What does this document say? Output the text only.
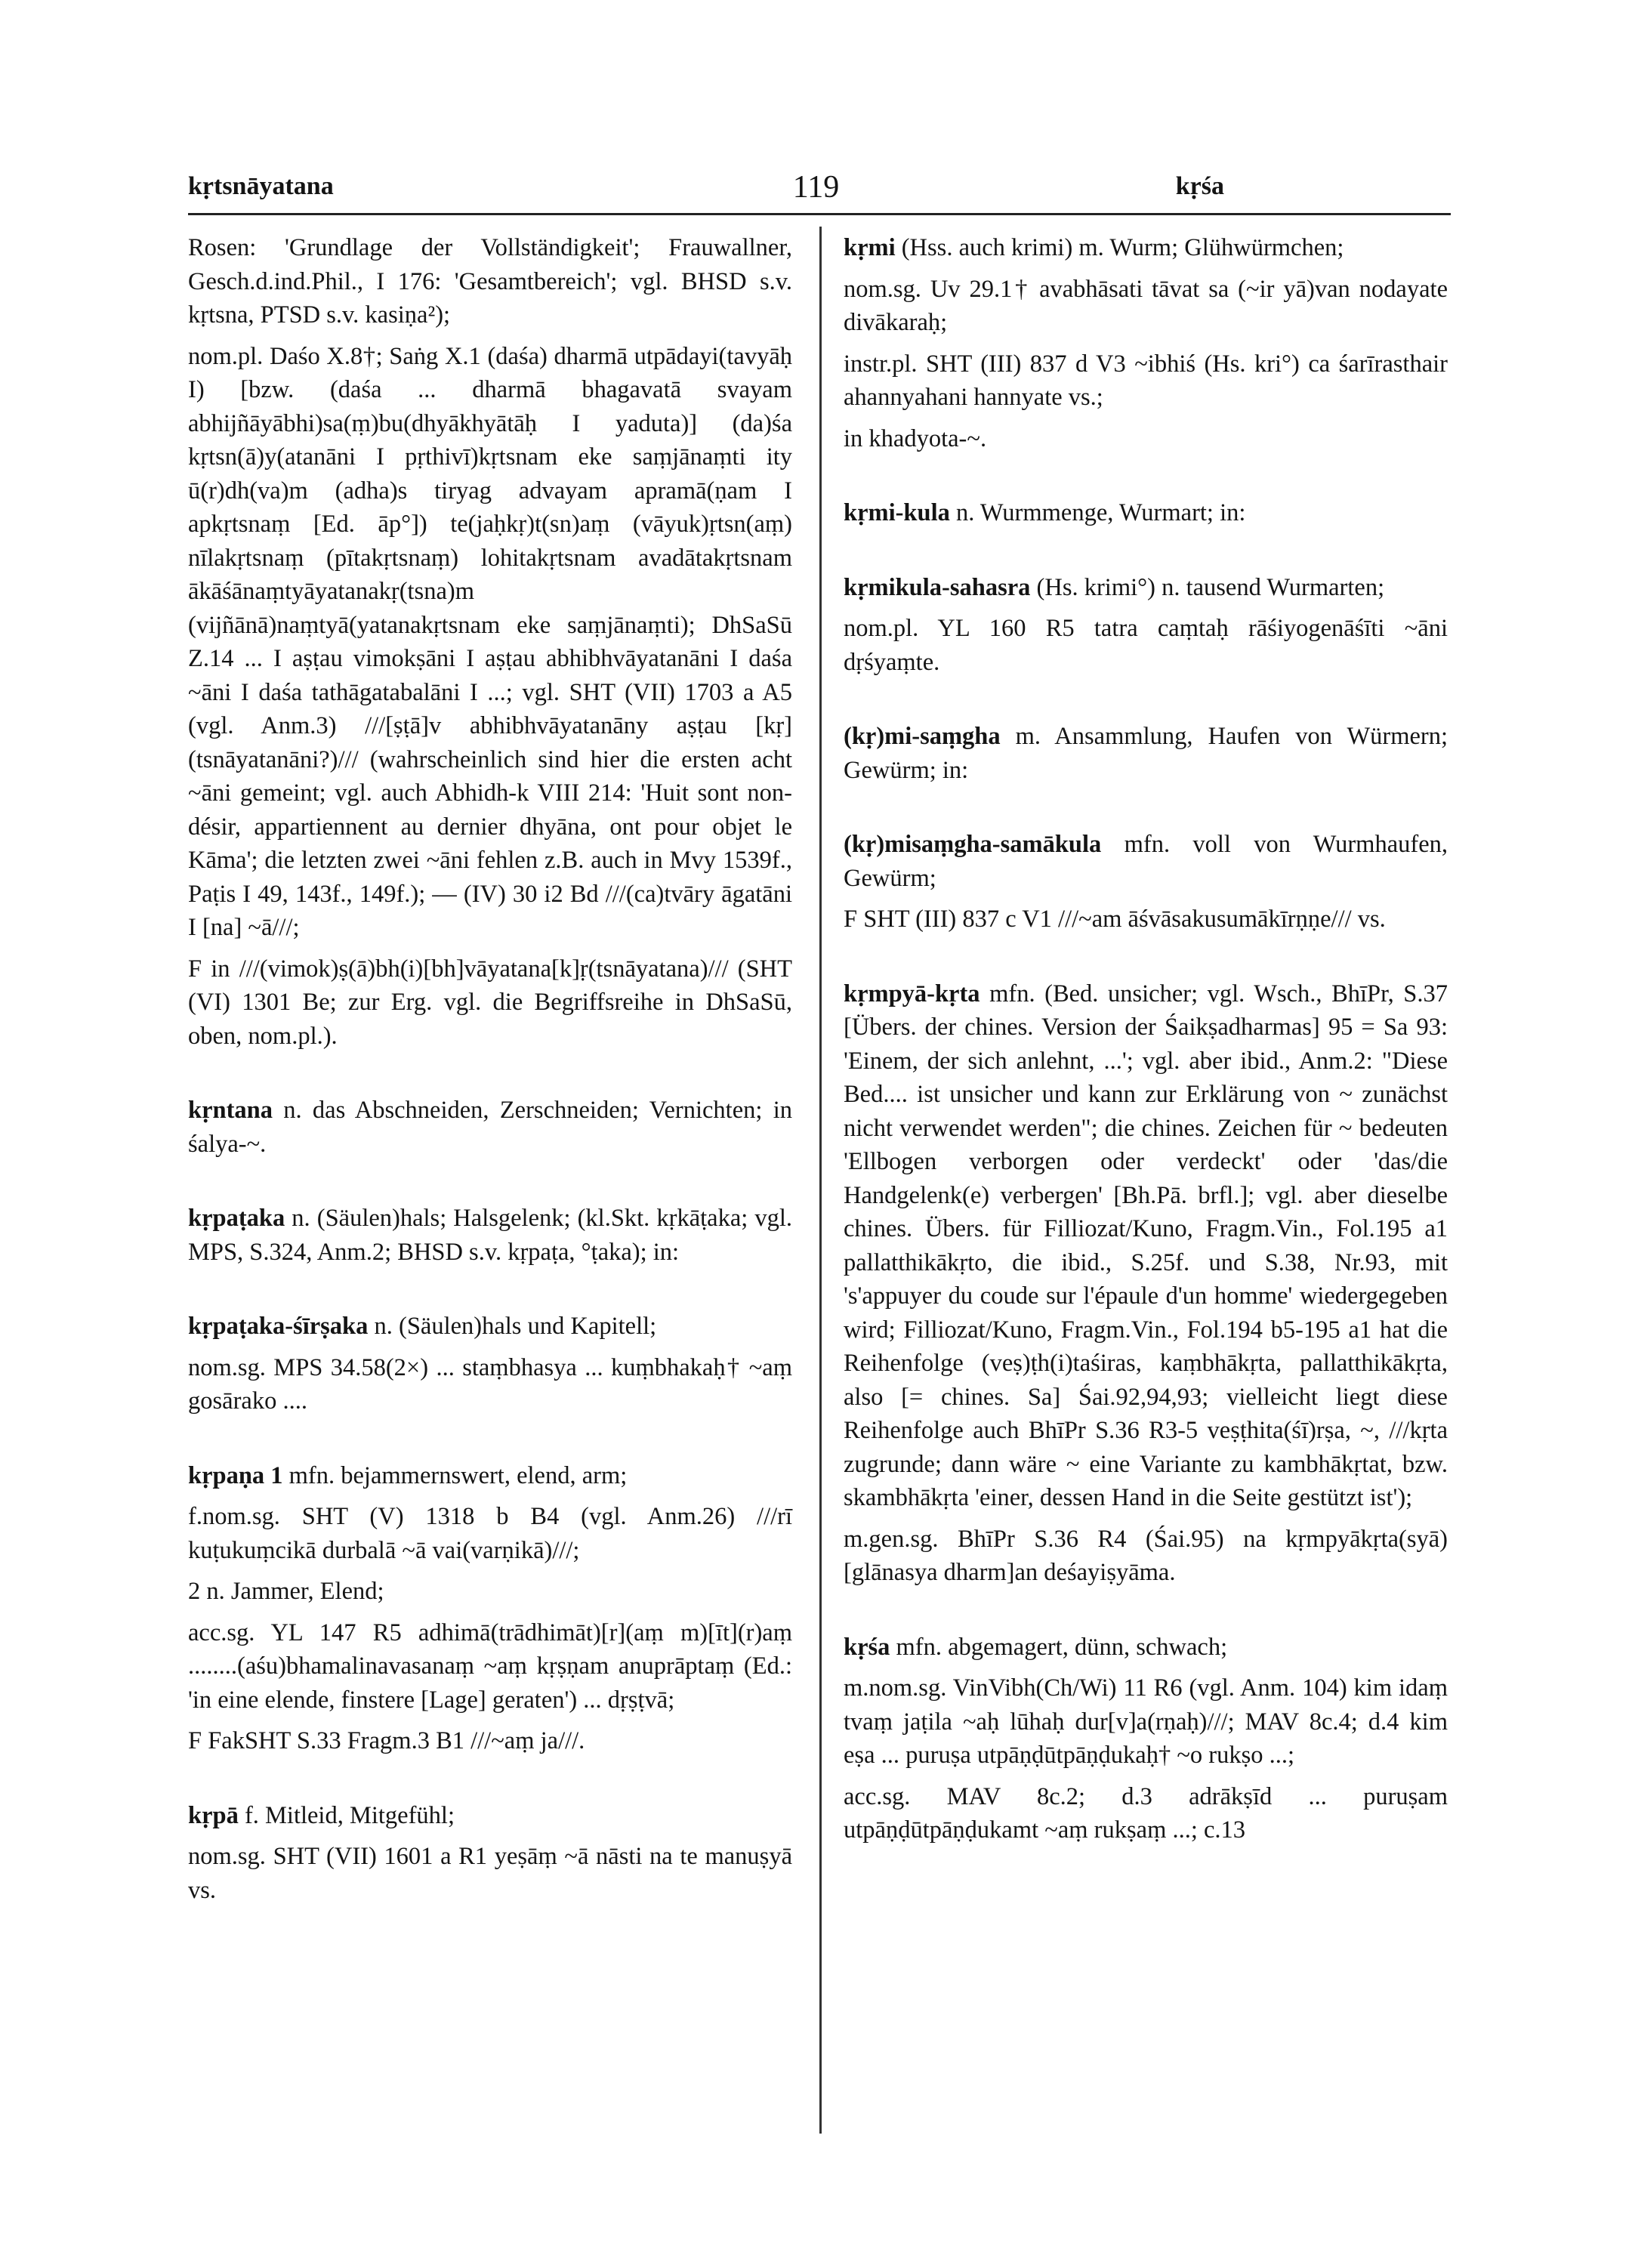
kṛtsnāyatana	119	kṛśa

Rosen: 'Grundlage der Vollständigkeit'; Frauwallner, Gesch.d.ind.Phil., I 176: 'Gesamtbereich'; vgl. BHSD s.v. kṛtsna, PTSD s.v. kasiṇa²);

nom.pl. Daśo X.8†; Saṅg X.1 (daśa) dharmā utpādayi(tavyāḥ I) [bzw. (daśa ... dharmā bhagavatā svayam abhijñāyābhi)sa(ṃ)bu(dhyākhyātāḥ I yaduta)] (da)śa kṛtsn(ā)y(atanāni I pṛthivī)kṛtsnam eke saṃjānaṃti ity ū(r)dh(va)m (adha)s tiryag advayam apramā(ṇam I apkṛtsnaṃ [Ed. āp°]) te(jaḥkṛ)t(sn)aṃ (vāyuk)ṛtsn(aṃ) nīlakṛtsnaṃ (pītakṛtsnaṃ) lohitakṛtsnam avadātakṛtsnam ākāśānaṃtyāyatanakṛ(tsna)m (vijñānā)naṃtyā(yatanakṛtsnam eke saṃjānaṃti); DhSaSū Z.14 ... I aṣṭau vimokṣāni I aṣṭau abhibhvāyatanāni I daśa ~āni I daśa tathāgatabalāni I ...; vgl. SHT (VII) 1703 a A5 (vgl. Anm.3) ///[ṣṭā]v abhibhvāyatanāny aṣṭau [kṛ](tsnāyatanāni?)/// (wahrscheinlich sind hier die ersten acht ~āni gemeint; vgl. auch Abhidh-k VIII 214: 'Huit sont non-désir, appartiennent au dernier dhyāna, ont pour objet le Kāma'; die letzten zwei ~āni fehlen z.B. auch in Mvy 1539f., Paṭis I 49, 143f., 149f.); — (IV) 30 i2 Bd ///(ca)tvāry āgatāni I [na] ~ā///;

F in ///(vimok)ṣ(ā)bh(i)[bh]vāyatana[k]ṛ(tsnāyatana)/// (SHT (VI) 1301 Be; zur Erg. vgl. die Begriffsreihe in DhSaSū, oben, nom.pl.).

kṛntana n. das Abschneiden, Zerschneiden; Vernichten; in śalya-~.

kṛpaṭaka n. (Säulen)hals; Halsgelenk; (kl.Skt. kṛkāṭaka; vgl. MPS, S.324, Anm.2; BHSD s.v. kṛpaṭa, °ṭaka); in:

kṛpaṭaka-śīrṣaka n. (Säulen)hals und Kapitell;

nom.sg. MPS 34.58(2×) ... staṃbhasya ... kuṃbhakaḥ† ~aṃ gosārako ....

kṛpaṇa 1 mfn. bejammernswert, elend, arm;

f.nom.sg. SHT (V) 1318 b B4 (vgl. Anm.26) ///rī kuṭukuṃcikā durbalā ~ā vai(varṇikā)///;

2 n. Jammer, Elend;

acc.sg. YL 147 R5 adhimā(trādhimāt)[r](aṃ m)[īt](r)aṃ ........(aśu)bhamalinavasanaṃ ~aṃ kṛṣṇam anuprāptaṃ (Ed.: 'in eine elende, finstere [Lage] geraten') ... dṛṣṭvā;

F FakSHT S.33 Fragm.3 B1 ///~aṃ ja///.

kṛpā f. Mitleid, Mitgefühl;

nom.sg. SHT (VII) 1601 a R1 yeṣāṃ ~ā nāsti na te manuṣyā vs.

kṛmi (Hss. auch krimi) m. Wurm; Glühwürmchen;

nom.sg. Uv 29.1† avabhāsati tāvat sa (~ir yā)van nodayate divākaraḥ;

instr.pl. SHT (III) 837 d V3 ~ibhiś (Hs. kri°) ca śarīrasthair ahannyahani hannyate vs.;

in khadyota-~.

kṛmi-kula n. Wurmmenge, Wurmart; in:

kṛmikula-sahasra (Hs. krimi°) n. tausend Wurmarten;

nom.pl. YL 160 R5 tatra caṃtaḥ rāśiyogenāśīti ~āni dṛśyaṃte.

(kṛ)mi-saṃgha m. Ansammlung, Haufen von Würmern; Gewürm; in:

(kṛ)misaṃgha-samākula mfn. voll von Wurmhaufen, Gewürm;

F SHT (III) 837 c V1 ///~am āśvāsakusumākīrṇṇe/// vs.

kṛmpyā-kṛta mfn. (Bed. unsicher; vgl. Wsch., BhīPr, S.37 [Übers. der chines. Version der Śaikṣadharmas] 95 = Sa 93: 'Einem, der sich anlehnt, ...'; vgl. aber ibid., Anm.2: "Diese Bed.... ist unsicher und kann zur Erklärung von ~ zunächst nicht verwendet werden"; die chines. Zeichen für ~ bedeuten 'Ellbogen verborgen oder verdeckt' oder 'das/die Handgelenk(e) verbergen' [Bh.Pā. brfl.]; vgl. aber dieselbe chines. Übers. für Filliozat/Kuno, Fragm.Vin., Fol.195 a1 pallatthikākṛto, die ibid., S.25f. und S.38, Nr.93, mit 's'appuyer du coude sur l'épaule d'un homme' wiedergegeben wird; Filliozat/Kuno, Fragm.Vin., Fol.194 b5-195 a1 hat die Reihenfolge (veṣ)ṭh(i)taśiras, kaṃbhākṛta, pallatthikākṛta, also [= chines. Sa] Śai.92,94,93; vielleicht liegt diese Reihenfolge auch BhīPr S.36 R3-5 veṣṭhita(śī)rṣa, ~, ///kṛta zugrunde; dann wäre ~ eine Variante zu kambhākṛtat, bzw. skambhākṛta 'einer, dessen Hand in die Seite gestützt ist');

m.gen.sg. BhīPr S.36 R4 (Śai.95) na kṛmpyākṛta(syā)[glānasya dharm]an deśayiṣyāma.

kṛśa mfn. abgemagert, dünn, schwach;

m.nom.sg. VinVibh(Ch/Wi) 11 R6 (vgl. Anm. 104) kim idaṃ tvaṃ jaṭila ~aḥ lūhaḥ dur[v]a(rṇaḥ)///; MAV 8c.4; d.4 kim eṣa ... puruṣa utpāṇḍūtpāṇḍukaḥ† ~o rukṣo ...;

acc.sg. MAV 8c.2; d.3 adrākṣīd ... puruṣam utpāṇḍūtpāṇḍukamt ~aṃ rukṣaṃ ...; c.13
